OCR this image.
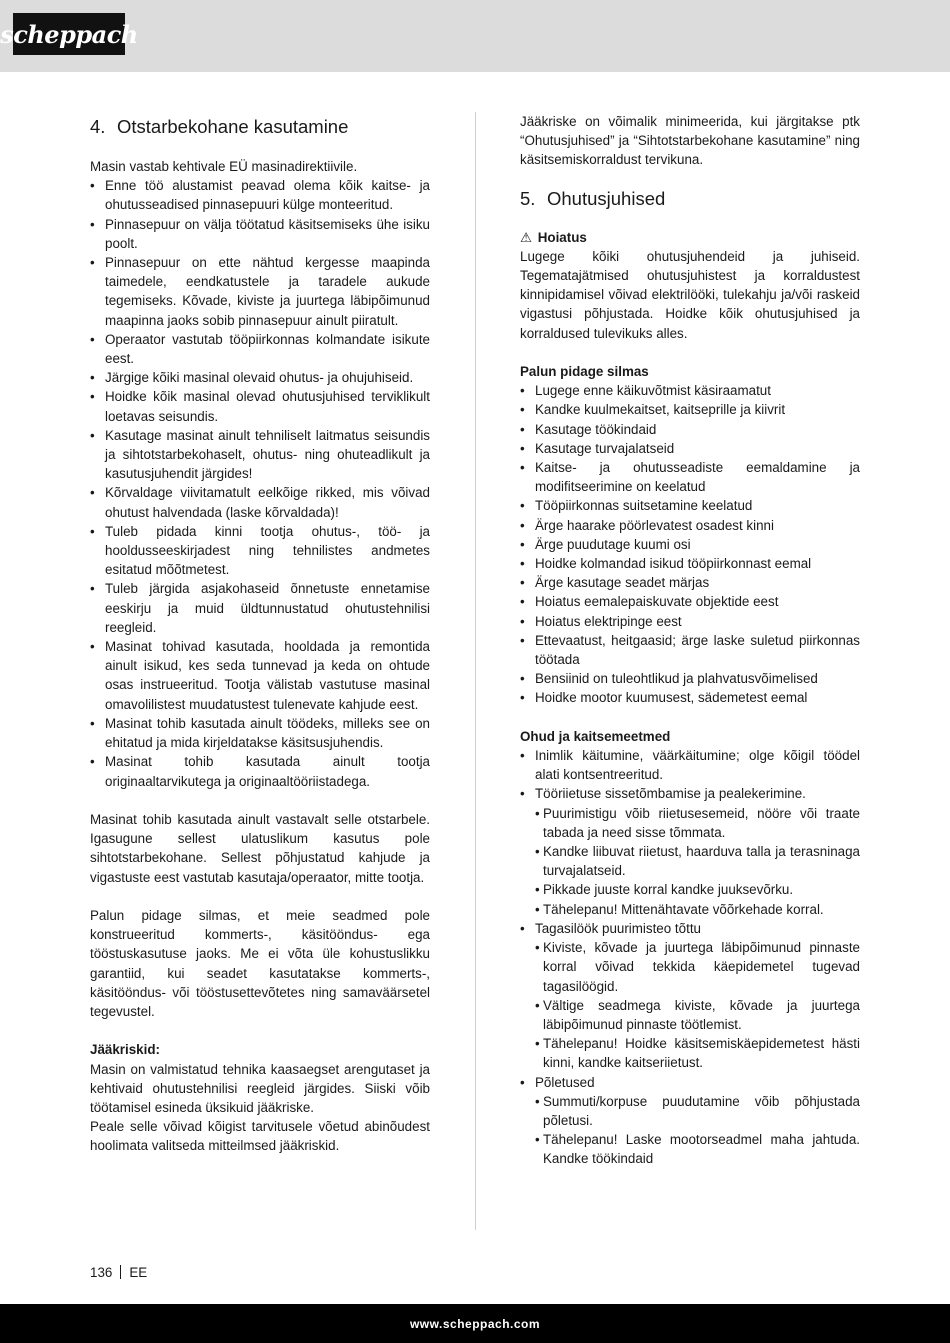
scheppach
4. Otstarbekohane kasutamine

Masin vastab kehtivale EÜ masinadirektiivile.

• Enne töö alustamist peavad olema kõik kaitse- ja ohutusseadised pinnasepuuri külge monteeritud.
• Pinnasepuur on välja töötatud käsitsemiseks ühe isiku poolt.
• Pinnasepuur on ette nähtud kergesse maapinda taimedele, eendkatustele ja taradele aukude tegemiseks. Kõvade, kiviste ja juurtega läbipõimunud maapinna jaoks sobib pinnasepuur ainult piiratult.
• Operaator vastutab tööpiirkonnas kolmandate isikute eest.
• Järgige kõiki masinal olevaid ohutus- ja ohujuhiseid.
• Hoidke kõik masinal olevad ohutusjuhised terviklikult loetavas seisundis.
• Kasutage masinat ainult tehniliselt laitmatus seisundis ja sihtotstarbekohaselt, ohutus- ning ohuteadlikult ja kasutusjuhendit järgides!
• Kõrvaldage viivitamatult eelkõige rikked, mis võivad ohutust halvendada (laske kõrvaldada)!
• Tuleb pidada kinni tootja ohutus-, töö- ja hooldusseeskirjadest ning tehnilistes andmetes esitatud mõõtmetest.
• Tuleb järgida asjakohaseid õnnetuste ennetamise eeskirju ja muid üldtunnustatud ohutustehnilisi reegleid.
• Masinat tohivad kasutada, hooldada ja remontida ainult isikud, kes seda tunnevad ja keda on ohtude osas instrueeritud. Tootja välistab vastutuse masinal omavolilistest muudatustest tulenevate kahjude eest.
• Masinat tohib kasutada ainult töödeks, milleks see on ehitatud ja mida kirjeldatakse käsitsusjuhendis.
• Masinat tohib kasutada ainult tootja originaaltarvikutega ja originaaltööriistadega.

Masinat tohib kasutada ainult vastavalt selle otstarbele. Igasugune sellest ulatuslikum kasutus pole sihtotstarbekohane. Sellest põhjustatud kahjude ja vigastuste eest vastutab kasutaja/operaator, mitte tootja.

Palun pidage silmas, et meie seadmed pole konstrueeritud kommerts-, käsitööndus- ega tööstuskasutuse jaoks. Me ei võta üle kohustuslikku garantiid, kui seadet kasutatakse kommerts-, käsitööndus- või tööstusettevõtetes ning samaväärsetel tegevustel.

Jääkriskid:

Masin on valmistatud tehnika kaasaegset arengutaset ja kehtivaid ohutustehnilisi reegleid järgides. Siiski võib töötamisel esineda üksikuid jääkriske.

Peale selle võivad kõigist tarvitusele võetud abinõudest hoolimata valitseda mitteilmsed jääkriskid.

Jääkriske on võimalik minimeerida, kui järgitakse ptk “Ohutusjuhised” ja “Sihtotstarbekohane kasutamine” ning käsitsemiskorraldust tervikuna.

5. Ohutusjuhised

⚠ Hoiatus

Lugege kõiki ohutusjuhendeid ja juhiseid. Tegematajätmised ohutusjuhistest ja korraldustest kinnipidamisel võivad elektrilööki, tulekahju ja/või raskeid vigastusi põhjustada. Hoidke kõik ohutusjuhised ja korraldused tulevikuks alles.

Palun pidage silmas

• Lugege enne käikuvõtmist käsiraamatut
• Kandke kuulmekaitset, kaitseprille ja kiivrit
• Kasutage töökindaid
• Kasutage turvajalatseid
• Kaitse- ja ohutusseadiste eemaldamine ja modifitseerimine on keelatud
• Tööpiirkonnas suitsetamine keelatud
• Ärge haarake pöörlevatest osadest kinni
• Ärge puudutage kuumi osi
• Hoidke kolmandad isikud tööpiirkonnast eemal
• Ärge kasutage seadet märjas
• Hoiatus eemalepaiskuvate objektide eest
• Hoiatus elektripinge eest
• Ettevaatust, heitgaasid; ärge laske suletud piirkonnas töötada
• Bensiinid on tuleohtlikud ja plahvatusvõimelised
• Hoidke mootor kuumusest, sädemetest eemal

Ohud ja kaitsemeetmed

• Inimlik käitumine, väärkäitumine; olge kõigil töödel alati kontsentreeritud.
• Tööriietuse sissetõmbamise ja pealekerimine.
• Puurimistigu võib riietusesemeid, nööre või traate tabada ja need sisse tõmmata.
• Kandke liibuvat riietust, haarduva talla ja terasninaga turvajalatseid.
• Pikkade juuste korral kandke juuksevõrku.
• Tähelepanu! Mittenähtavate võõrkehade korral.
• Tagasilöök puurimisteo tõttu
• Kiviste, kõvade ja juurtega läbipõimunud pinnaste korral võivad tekkida käepidemetel tugevad tagasilöögid.
• Vältige seadmega kiviste, kõvade ja juurtega läbipõimunud pinnaste töötlemist.
• Tähelepanu! Hoidke käsitsemiskäepidemetest hästi kinni, kandke kaitseriietust.
• Põletused
• Summuti/korpuse puudutamine võib põhjustada põletusi.
• Tähelepanu! Laske mootorseadmel maha jahtuda. Kandke töökindaid
136 EE
www.scheppach.com
